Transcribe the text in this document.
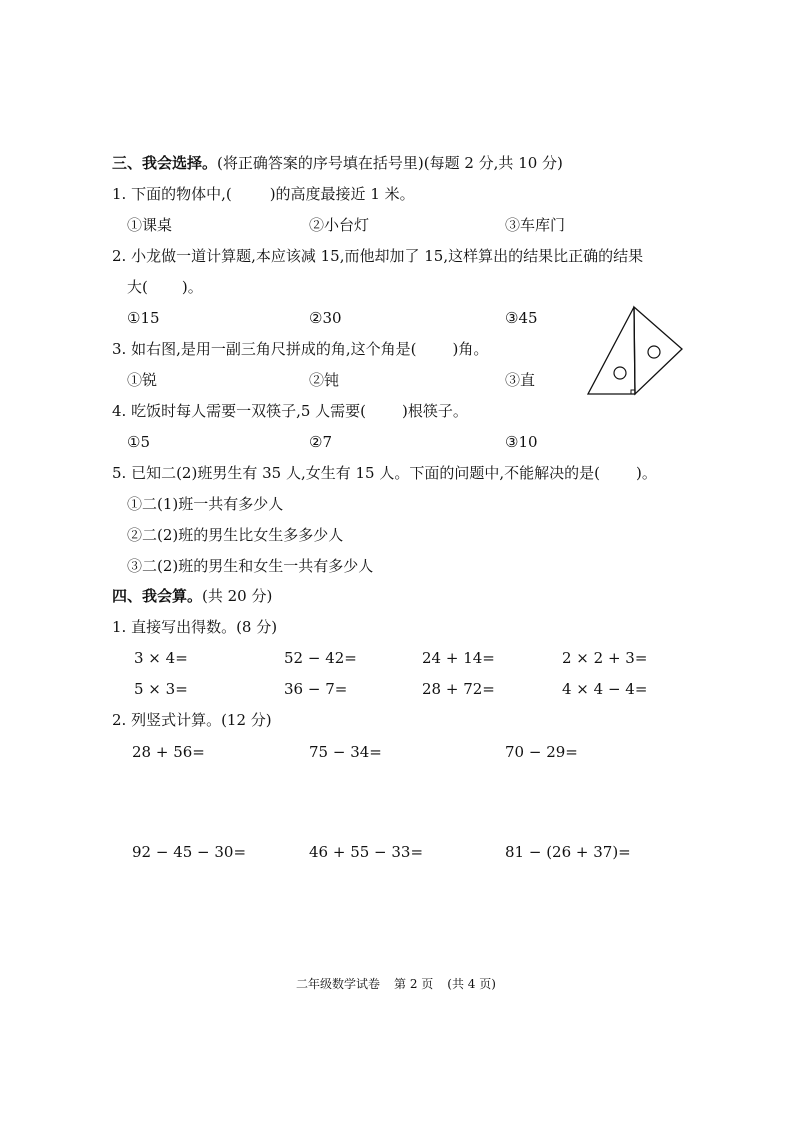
三、我会选择。(将正确答案的序号填在括号里)(每题 2 分,共 10 分)
1. 下面的物体中,(	)的高度最接近 1 米。
①课桌	②小台灯	③车库门
2. 小龙做一道计算题,本应该减 15,而他却加了 15,这样算出的结果比正确的结果
大( )。
①15	②30	③45
3. 如右图,是用一副三角尺拼成的角,这个角是( )角。
①锐	②钝	③直
4. 吃饭时每人需要一双筷子,5 人需要( )根筷子。
①5	②7	③10
5. 已知二(2)班男生有 35 人,女生有 15 人。下面的问题中,不能解决的是( )。
①二(1)班一共有多少人
②二(2)班的男生比女生多多少人
③二(2)班的男生和女生一共有多少人
四、我会算。(共 20 分)
1. 直接写出得数。(8 分)
3 × 4=	52 − 42=	24 + 14=	2 × 2 + 3=
5 × 3=	36 − 7=	28 + 72=	4 × 4 − 4=
2. 列竖式计算。(12 分)
28 + 56=	75 − 34=	70 − 29=
92 − 45 − 30=	46 + 55 − 33=	81 − (26 + 37)=
二年级数学试卷 第 2 页 (共 4 页)
